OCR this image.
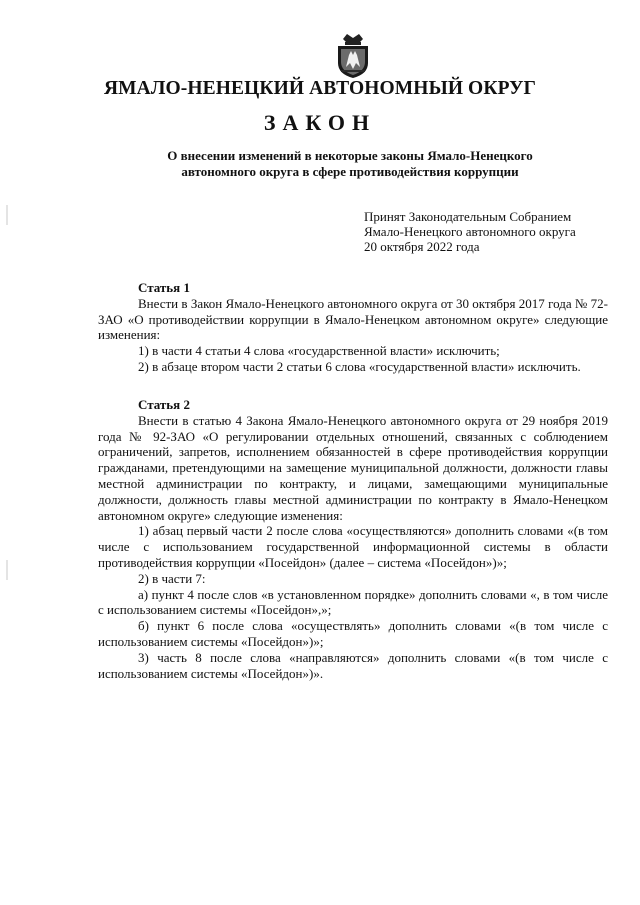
ЯМАЛО-НЕНЕЦКИЙ АВТОНОМНЫЙ ОКРУГ
ЗАКОН
О внесении изменений в некоторые законы Ямало-Ненецкого
автономного округа в сфере противодействия коррупции
Принят Законодательным Собранием
Ямало-Ненецкого автономного округа
20 октября 2022 года

Статья 1

Внести в Закон Ямало-Ненецкого автономного округа от 30 октября 2017 года № 72-ЗАО «О противодействии коррупции в Ямало-Ненецком автономном округе» следующие изменения:

1) в части 4 статьи 4 слова «государственной власти» исключить;

2) в абзаце втором части 2 статьи 6 слова «государственной власти» исключить.

Статья 2

Внести в статью 4 Закона Ямало-Ненецкого автономного округа от 29 ноября 2019 года № 92-ЗАО «О регулировании отдельных отношений, связанных с соблюдением ограничений, запретов, исполнением обязанностей в сфере противодействия коррупции гражданами, претендующими на замещение муниципальной должности, должности главы местной администрации по контракту, и лицами, замещающими муниципальные должности, должность главы местной администрации по контракту в Ямало-Ненецком автономном округе» следующие изменения:

1) абзац первый части 2 после слова «осуществляются» дополнить словами «(в том числе с использованием государственной информационной системы в области противодействия коррупции «Посейдон» (далее – система «Посейдон»)»;

2) в части 7:

а) пункт 4 после слов «в установленном порядке» дополнить словами «, в том числе с использованием системы «Посейдон»,»;

б) пункт 6 после слова «осуществлять» дополнить словами «(в том числе с использованием системы «Посейдон»)»;

3) часть 8 после слова «направляются» дополнить словами «(в том числе с использованием системы «Посейдон»)».
